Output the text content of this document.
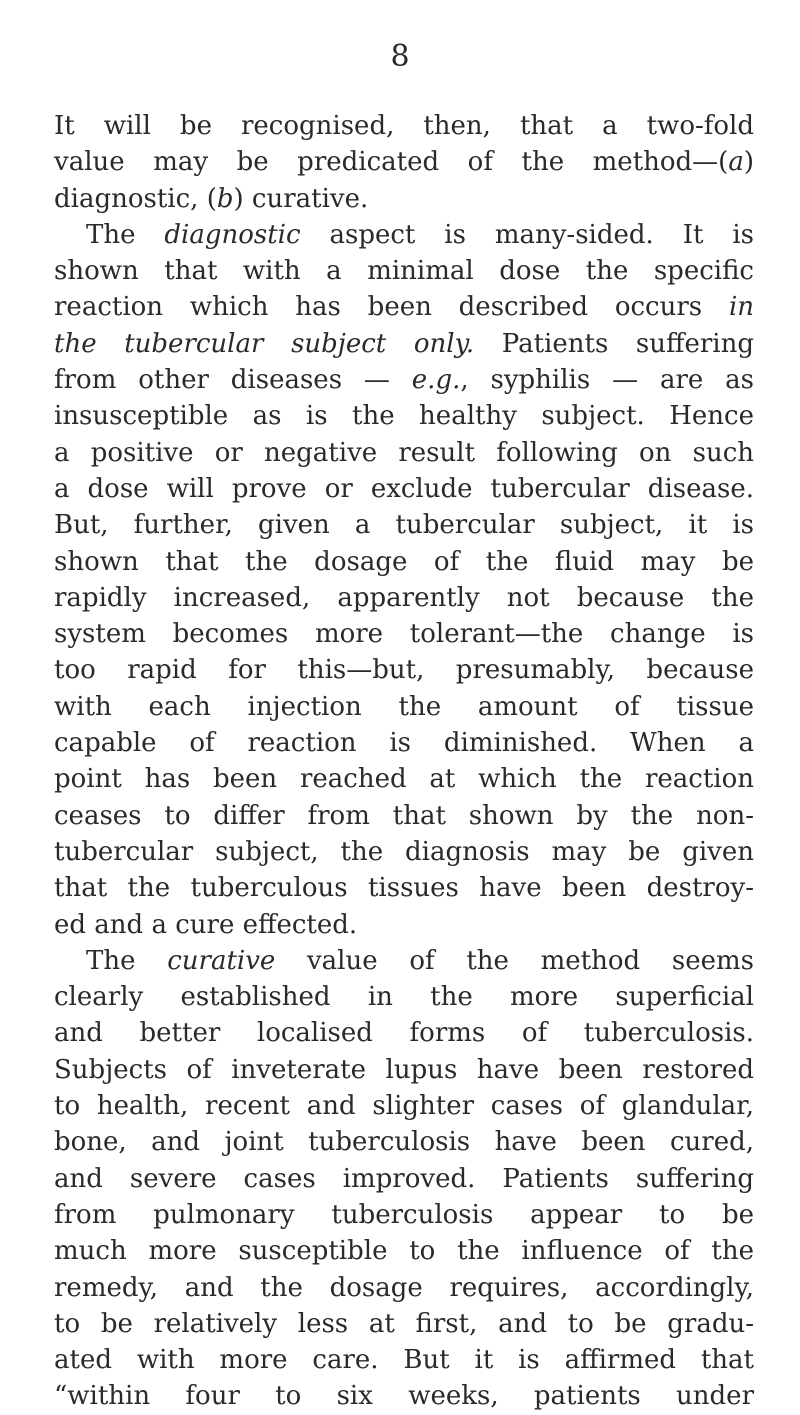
8
It will be recognised, then, that a two-fold
value may be predicated of the method—(a)
diagnostic, (b) curative.
The diagnostic aspect is many-sided. It is
shown that with a minimal dose the specific
reaction which has been described occurs in
the tubercular subject only. Patients suffering
from other diseases — e.g., syphilis — are as
insusceptible as is the healthy subject. Hence
a positive or negative result following on such
a dose will prove or exclude tubercular disease.
But, further, given a tubercular subject, it is
shown that the dosage of the fluid may be
rapidly increased, apparently not because the
system becomes more tolerant—the change is
too rapid for this—but, presumably, because
with each injection the amount of tissue
capable of reaction is diminished. When a
point has been reached at which the reaction
ceases to differ from that shown by the non-
tubercular subject, the diagnosis may be given
that the tuberculous tissues have been destroy-
ed and a cure effected.
The curative value of the method seems
clearly established in the more superficial
and better localised forms of tuberculosis.
Subjects of inveterate lupus have been restored
to health, recent and slighter cases of glandular,
bone, and joint tuberculosis have been cured,
and severe cases improved. Patients suffering
from pulmonary tuberculosis appear to be
much more susceptible to the influence of the
remedy, and the dosage requires, accordingly,
to be relatively less at first, and to be gradu-
ated with more care. But it is affirmed that
“within four to six weeks, patients under
